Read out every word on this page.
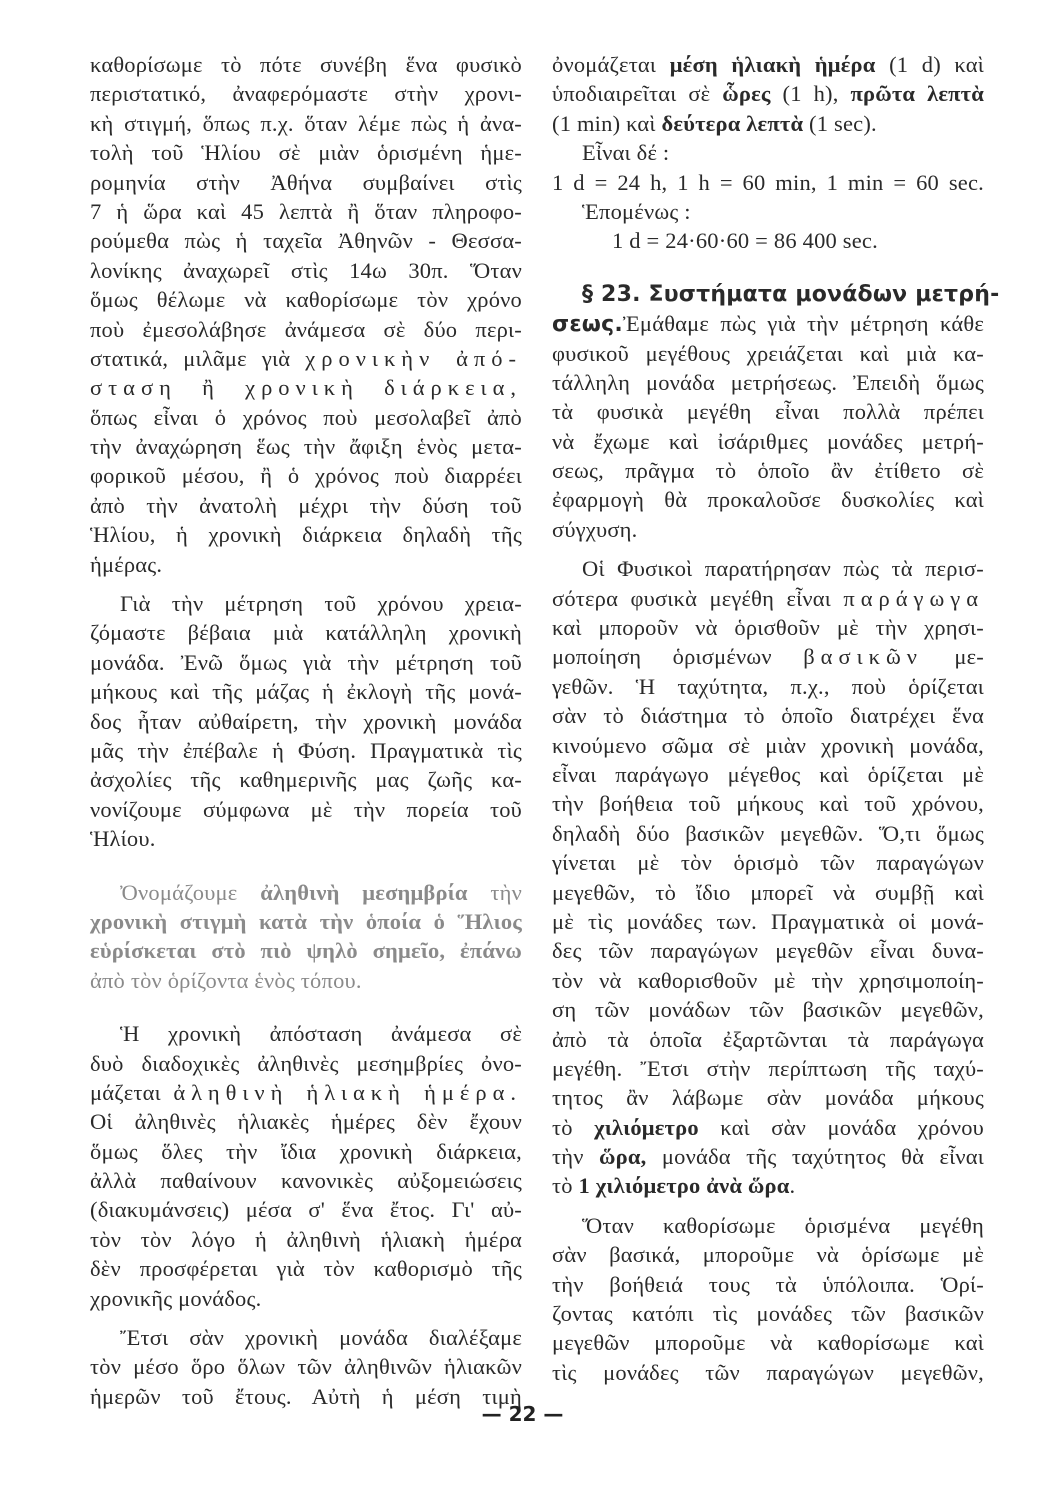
καθορίσωμε τὸ πότε συνέβη ἕνα φυσικὸ
περιστατικό, ἀναφερόμαστε στὴν χρονι-
κὴ στιγμή, ὅπως π.χ. ὅταν λέμε πὼς ἡ ἀνα-
τολὴ τοῦ Ἡλίου σὲ μιὰν ὁρισμένη ἡμε-
ρομηνία στὴν Ἀθήνα συμβαίνει στὶς
7 ἡ ὥρα καὶ 45 λεπτὰ ἢ ὅταν πληροφο-
ρούμεθα πὼς ἡ ταχεῖα Ἀθηνῶν - Θεσσα-
λονίκης ἀναχωρεῖ στὶς 14ω 30π. Ὅταν
ὅμως θέλωμε νὰ καθορίσωμε τὸν χρόνο
ποὺ ἐμεσολάβησε ἀνάμεσα σὲ δύο περι-
στατικά, μιλᾶμε γιὰ χρονικὴν ἀπό-
σταση ἢ χρονικὴ διάρκεια,
ὅπως εἶναι ὁ χρόνος ποὺ μεσολαβεῖ ἀπὸ
τὴν ἀναχώρηση ἕως τὴν ἄφιξη ἑνὸς μετα-
φορικοῦ μέσου, ἢ ὁ χρόνος ποὺ διαρρέει
ἀπὸ τὴν ἀνατολὴ μέχρι τὴν δύση τοῦ
Ἡλίου, ἡ χρονικὴ διάρκεια δηλαδὴ τῆς
ἡμέρας.
Γιὰ τὴν μέτρηση τοῦ χρόνου χρεια-
ζόμαστε βέβαια μιὰ κατάλληλη χρονικὴ
μονάδα. Ἐνῶ ὅμως γιὰ τὴν μέτρηση τοῦ
μήκους καὶ τῆς μάζας ἡ ἐκλογὴ τῆς μονά-
δος ἦταν αὐθαίρετη, τὴν χρονικὴ μονάδα
μᾶς τὴν ἐπέβαλε ἡ Φύση. Πραγματικὰ τὶς
ἀσχολίες τῆς καθημερινῆς μας ζωῆς κα-
νονίζουμε σύμφωνα μὲ τὴν πορεία τοῦ
Ἡλίου.
Ὀνομάζουμε ἀληθινὴ μεσημβρία τὴν
χρονικὴ στιγμὴ κατὰ τὴν ὁποία ὁ Ἥλιος
εὑρίσκεται στὸ πιὸ ψηλὸ σημεῖο, ἐπάνω
ἀπὸ τὸν ὁρίζοντα ἑνὸς τόπου.
Ἡ χρονικὴ ἀπόσταση ἀνάμεσα σὲ
δυὸ διαδοχικὲς ἀληθινὲς μεσημβρίες ὀνο-
μάζεται ἀληθινὴ ἡλιακὴ ἡμέρα.
Οἱ ἀληθινὲς ἡλιακὲς ἡμέρες δὲν ἔχουν
ὅμως ὅλες τὴν ἴδια χρονικὴ διάρκεια,
ἀλλὰ παθαίνουν κανονικὲς αὐξομειώσεις
(διακυμάνσεις) μέσα σ' ἕνα ἔτος. Γι' αὐ-
τὸν τὸν λόγο ἡ ἀληθινὴ ἡλιακὴ ἡμέρα
δὲν προσφέρεται γιὰ τὸν καθορισμὸ τῆς
χρονικῆς μονάδος.
Ἔτσι σὰν χρονικὴ μονάδα διαλέξαμε
τὸν μέσο ὅρο ὅλων τῶν ἀληθινῶν ἡλιακῶν
ἡμερῶν τοῦ ἔτους. Αὐτὴ ἡ μέση τιμὴ
ὀνομάζεται μέση ἡλιακὴ ἡμέρα (1 d) καὶ
ὑποδιαιρεῖται σὲ ὧρες (1 h), πρῶτα λεπτὰ
(1 min) καὶ δεύτερα λεπτὰ (1 sec).
Εἶναι δέ :
1 d = 24 h, 1 h = 60 min, 1 min = 60 sec.
Ἑπομένως :
1 d = 24·60·60 = 86 400 sec.
§ 23. Συστήματα μονάδων μετρή-
σεως.Ἐμάθαμε πὼς γιὰ τὴν μέτρηση κάθε
φυσικοῦ μεγέθους χρειάζεται καὶ μιὰ κα-
τάλληλη μονάδα μετρήσεως. Ἐπειδὴ ὅμως
τὰ φυσικὰ μεγέθη εἶναι πολλὰ πρέπει
νὰ ἔχωμε καὶ ἰσάριθμες μονάδες μετρή-
σεως, πρᾶγμα τὸ ὁποῖο ἂν ἐτίθετο σὲ
ἐφαρμογὴ θὰ προκαλοῦσε δυσκολίες καὶ
σύγχυση.
Οἱ Φυσικοὶ παρατήρησαν πὼς τὰ περισ-
σότερα φυσικὰ μεγέθη εἶναι παράγωγα
καὶ μποροῦν νὰ ὁρισθοῦν μὲ τὴν χρησι-
μοποίηση ὁρισμένων βασικῶν με-
γεθῶν. Ἡ ταχύτητα, π.χ., ποὺ ὁρίζεται
σὰν τὸ διάστημα τὸ ὁποῖο διατρέχει ἕνα
κινούμενο σῶμα σὲ μιὰν χρονικὴ μονάδα,
εἶναι παράγωγο μέγεθος καὶ ὁρίζεται μὲ
τὴν βοήθεια τοῦ μήκους καὶ τοῦ χρόνου,
δηλαδὴ δύο βασικῶν μεγεθῶν. Ὅ,τι ὅμως
γίνεται μὲ τὸν ὁρισμὸ τῶν παραγώγων
μεγεθῶν, τὸ ἴδιο μπορεῖ νὰ συμβῇ καὶ
μὲ τὶς μονάδες των. Πραγματικὰ οἱ μονά-
δες τῶν παραγώγων μεγεθῶν εἶναι δυνα-
τὸν νὰ καθορισθοῦν μὲ τὴν χρησιμοποίη-
ση τῶν μονάδων τῶν βασικῶν μεγεθῶν,
ἀπὸ τὰ ὁποῖα ἐξαρτῶνται τὰ παράγωγα
μεγέθη. Ἔτσι στὴν περίπτωση τῆς ταχύ-
τητος ἂν λάβωμε σὰν μονάδα μήκους
τὸ χιλιόμετρο καὶ σὰν μονάδα χρόνου
τὴν ὥρα, μονάδα τῆς ταχύτητος θὰ εἶναι
τὸ 1 χιλιόμετρο ἀνὰ ὥρα.
Ὅταν καθορίσωμε ὁρισμένα μεγέθη
σὰν βασικά, μποροῦμε νὰ ὁρίσωμε μὲ
τὴν βοήθειά τους τὰ ὑπόλοιπα. Ὁρί-
ζοντας κατόπι τὶς μονάδες τῶν βασικῶν
μεγεθῶν μποροῦμε νὰ καθορίσωμε καὶ
τὶς μονάδες τῶν παραγώγων μεγεθῶν,
— 22 —
